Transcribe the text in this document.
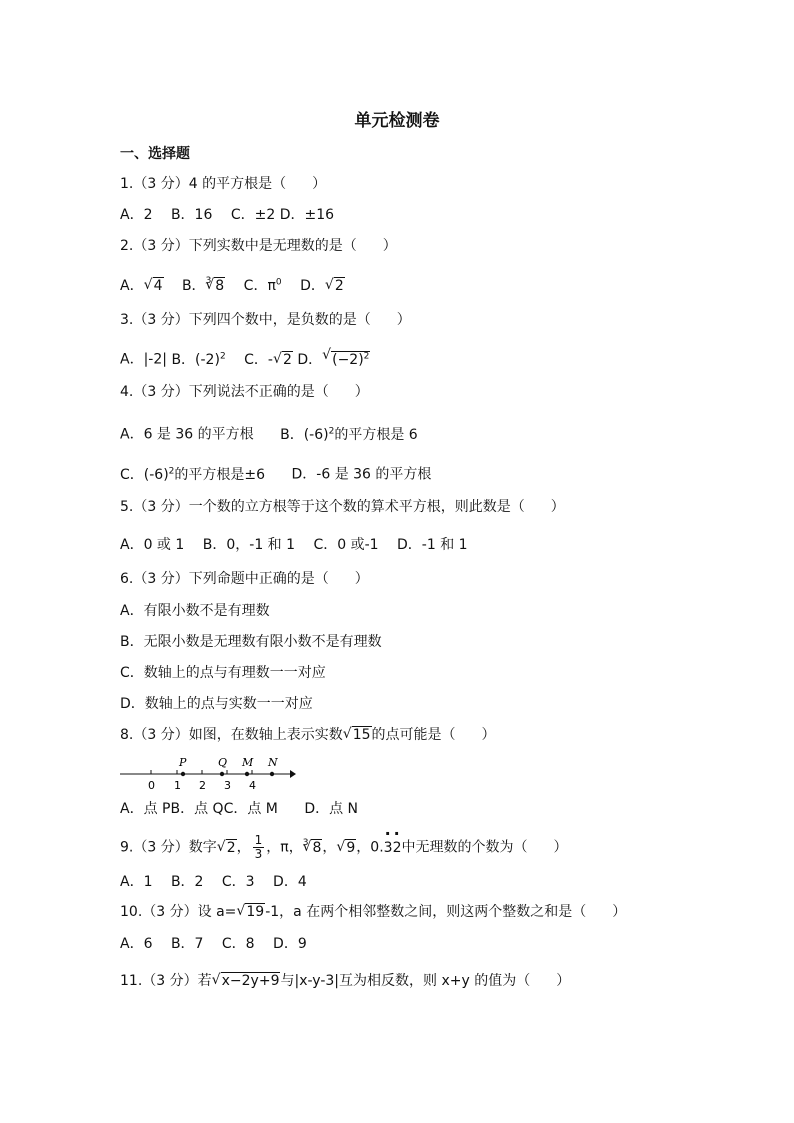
单元检测卷
一、选择题
1.（3 分）4 的平方根是（ ）
A．2 B．16 C．±2 D．±16
2.（3 分）下列实数中是无理数的是（ ）
A． √ 4 B．$^3$ √ 8 C．$\pi^0$ D． √ 2
3.（3 分）下列四个数中，是负数的是（ ）
A．|-2| B．$(-2)^2$ C．- √ 2 D． √ $(-2)^2$
4.（3 分）下列说法不正确的是（ ）
A．6 是 36 的平方根 B．$(-6)^2$的平方根是 6
C．$(-6)^2$的平方根是±6 D．-6 是 36 的平方根
5.（3 分）一个数的立方根等于这个数的算术平方根，则此数是（ ）
A．0 或 1 B．0，-1 和 1 C．0 或-1 D．-1 和 1
6.（3 分）下列命题中正确的是（ ）
A．有限小数不是有理数
B．无限小数是无理数有限小数不是有理数
C．数轴上的点与有理数一一对应
D．数轴上的点与实数一一对应
8.（3 分）如图，在数轴上表示实数 √ 15的点可能是（ ）
0 1 2 3 4
P	Q M N
A．点 PB．点 QC．点 M D．点 N
9.（3 分）数字 √ 2， $\frac{1}{3}$ ，π，$^3$ √ 8， √ 9，0.3 ·2 ·中无理数的个数为（ ）
A．1 B．2 C．3 D．4
10.（3 分）设 a= √ 19-1，a 在两个相邻整数之间，则这两个整数之和是（ ）
A．6 B．7 C．8 D．9
11.（3 分）若 √ x−2y+9与|x-y-3|互为相反数，则 x+y 的值为（ ）
